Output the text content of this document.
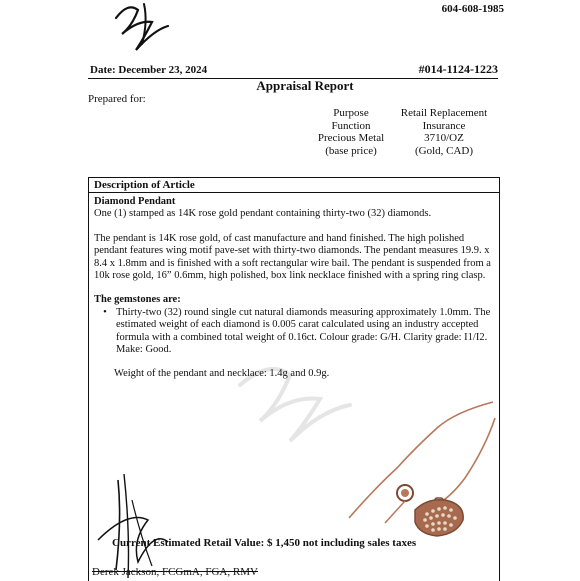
604-608-1985
Date: December 23, 2024	#014-1124-1223
Appraisal Report
Prepared for:
Purpose
Function
Precious Metal
(base price)
Retail Replacement
Insurance
3710/OZ
(Gold, CAD)
Description of Article

Diamond Pendant

One (1) stamped as 14K rose gold pendant containing thirty-two (32) diamonds.

The pendant is 14K rose gold, of cast manufacture and hand finished. The high polished pendant features wing motif pave-set with thirty-two diamonds. The pendant measures 19.9. x 8.4 x 1.8mm and is finished with a soft rectangular wire bail. The pendant is suspended from a 10k rose gold, 16” 0.6mm, high polished, box link necklace finished with a spring ring clasp.

The gemstones are:

• Thirty-two (32) round single cut natural diamonds measuring approximately 1.0mm. The estimated weight of each diamond is 0.005 carat calculated using an industry accepted formula with a combined total weight of 0.16ct. Colour grade: G/H. Clarity grade: I1/I2. Make: Good.

Weight of the pendant and necklace: 1.4g and 0.9g.

Current Estimated Retail Value: $ 1,450 not including sales taxes
Derek Jackson, FCGmA, FGA, RMV
